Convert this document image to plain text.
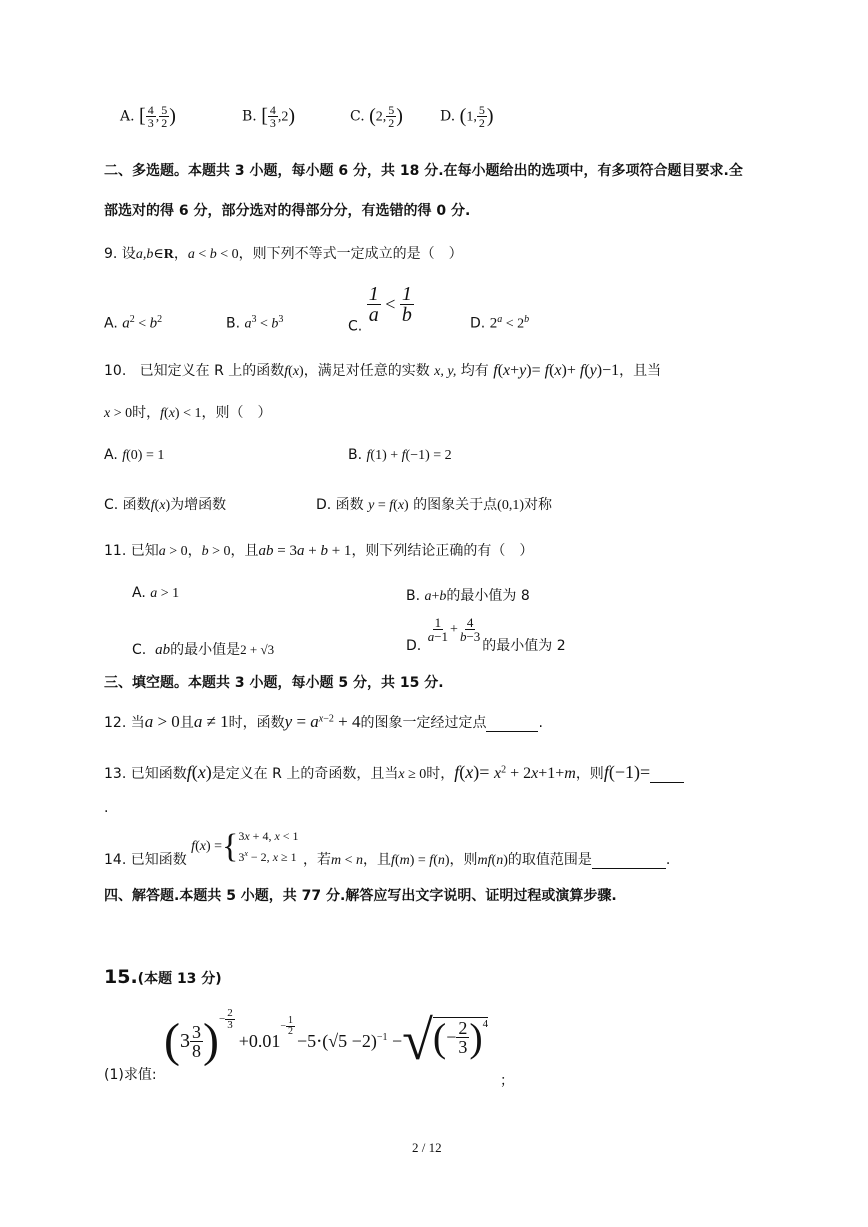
A. [ $\frac{4}{3}$ , $\frac{5}{2}$ )	B. [ $\frac{4}{3} ,2$)	C. (2, $\frac{5}{2}$ )	D. (1, $\frac{5}{2}$ )
二、多选题。本题共 3 小题，每小题 6 分，共 18 分.在每小题给出的选项中，有多项符合题目要求.全
部选对的得 6 分，部分选对的得部分分，有选错的得 0 分.
9. 设a,b∈R，a < b < 0，则下列不等式一定成立的是（　）
A. $a^2 < b^2$	B. $a^3 < b^3$	C.
$\frac{1}{a} < \frac{1}{b}$	D. $2^a < 2^b$
10. 已知定义在 R 上的函数f(x)，满足对任意的实数 x, y, 均有 f(x+y)= f(x)+ f(y)−1，且当
x > 0时，f(x) < 1，则（　）
A. f(0) = 1	B. f(1) + f(−1) = 2
C. 函数f(x)为增函数	D. 函数 y = f(x) 的图象关于点(0,1)对称
11. 已知a > 0，b > 0，且ab = 3a + b + 1，则下列结论正确的有（　）
A. a > 1	B. a+b的最小值为 8
C. ab的最小值是2 + √3	D.
$\frac{1}{a-1} + \frac{4}{b-3}$
的最小值为 2
三、填空题。本题共 3 小题，每小题 5 分，共 15 分.
12. 当a > 0且a ≠ 1时，函数$y = a^{x-2} + 4$的图象一定经过定点	.
13. 已知函数f(x)是定义在 R 上的奇函数，且当x ≥ 0时，$f(x)= x^2 + 2x+1+m$，则f(−1)=
.
14. 已知函数
f ( x ) = { 3x + 4, x < 1
$3^x - 2$, x ≥ 1 ，若m < n，且f(m) = f(n)，则mf(n)的取值范围是	.
四、解答题.本题共 5 小题，共 77 分.解答应写出文字说明、证明过程或演算步骤.
15.(本题 13 分)
(1)求值:
( $3 \frac{3}{8}$ ) − $\frac{2}{3}$
+0.01
− $\frac{1}{2}$
$-5\cdot(√5 -2)^{-1}$ − √ ( − $\frac{2}{3}$ ) 4
；
2 / 12
